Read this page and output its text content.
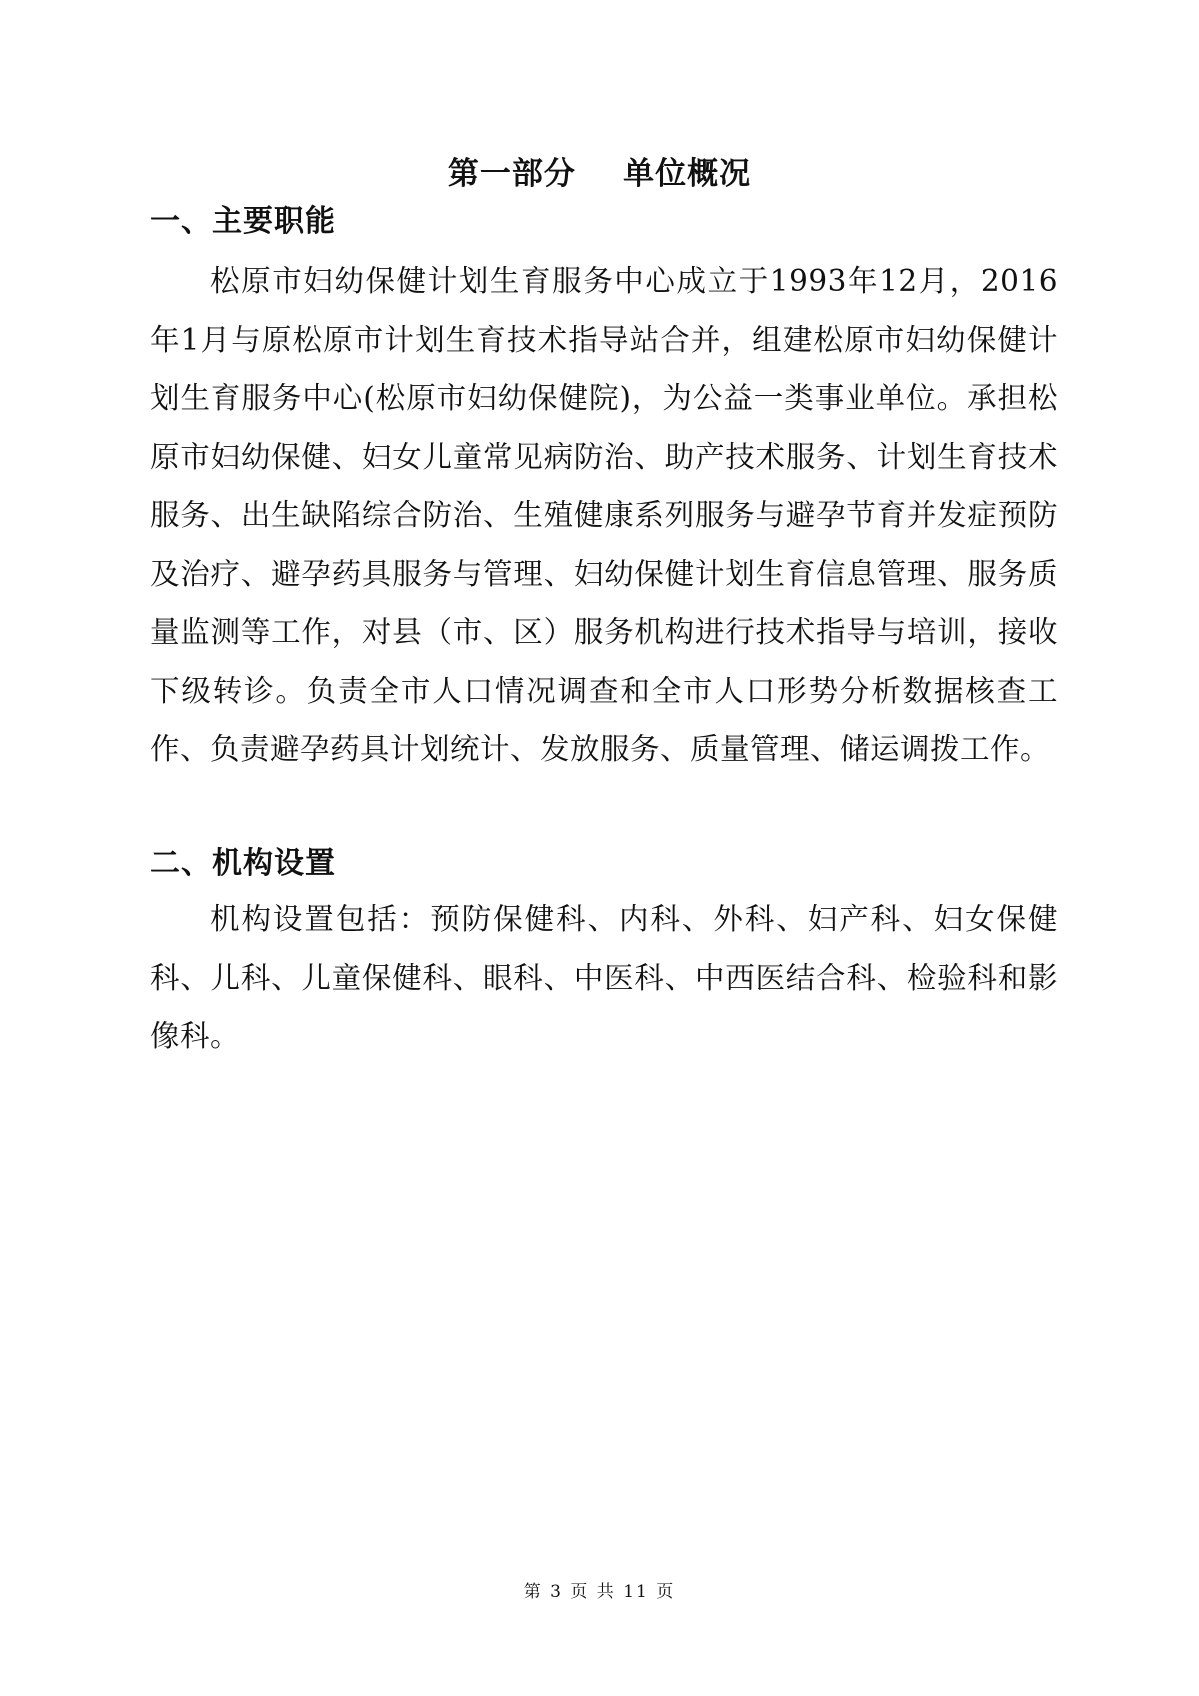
第一部分    单位概况
一、主要职能

松原市妇幼保健计划生育服务中心成立于1993年12月，2016年1月与原松原市计划生育技术指导站合并，组建松原市妇幼保健计划生育服务中心(松原市妇幼保健院)，为公益一类事业单位。承担松原市妇幼保健、妇女儿童常见病防治、助产技术服务、计划生育技术服务、出生缺陷综合防治、生殖健康系列服务与避孕节育并发症预防及治疗、避孕药具服务与管理、妇幼保健计划生育信息管理、服务质量监测等工作，对县（市、区）服务机构进行技术指导与培训，接收下级转诊。负责全市人口情况调查和全市人口形势分析数据核查工作、负责避孕药具计划统计、发放服务、质量管理、储运调拨工作。

二、机构设置

机构设置包括：预防保健科、内科、外科、妇产科、妇女保健科、儿科、儿童保健科、眼科、中医科、中西医结合科、检验科和影像科。

第 3 页 共 11 页
